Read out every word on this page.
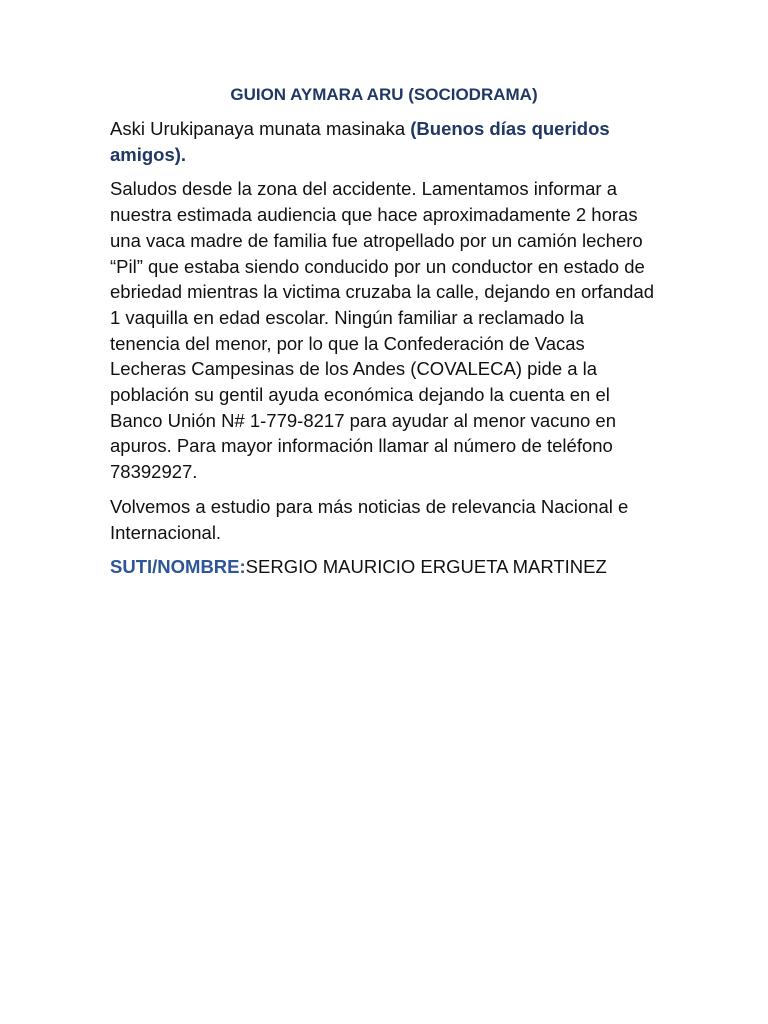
GUION AYMARA ARU (SOCIODRAMA)

Aski Urukipanaya munata masinaka (Buenos días queridos amigos).

Saludos desde la zona del accidente. Lamentamos informar a nuestra estimada audiencia que hace aproximadamente 2 horas una vaca madre de familia fue atropellado por un camión lechero “Pil” que estaba siendo conducido por un conductor en estado de ebriedad mientras la victima cruzaba la calle, dejando en orfandad 1 vaquilla en edad escolar. Ningún familiar a reclamado la tenencia del menor, por lo que la Confederación de Vacas Lecheras Campesinas de los Andes (COVALECA) pide a la población su gentil ayuda económica dejando la cuenta en el Banco Unión N# 1-779-8217 para ayudar al menor vacuno en apuros. Para mayor información llamar al número de teléfono 78392927.

Volvemos a estudio para más noticias de relevancia Nacional e Internacional.

SUTI/NOMBRE:SERGIO MAURICIO ERGUETA MARTINEZ
